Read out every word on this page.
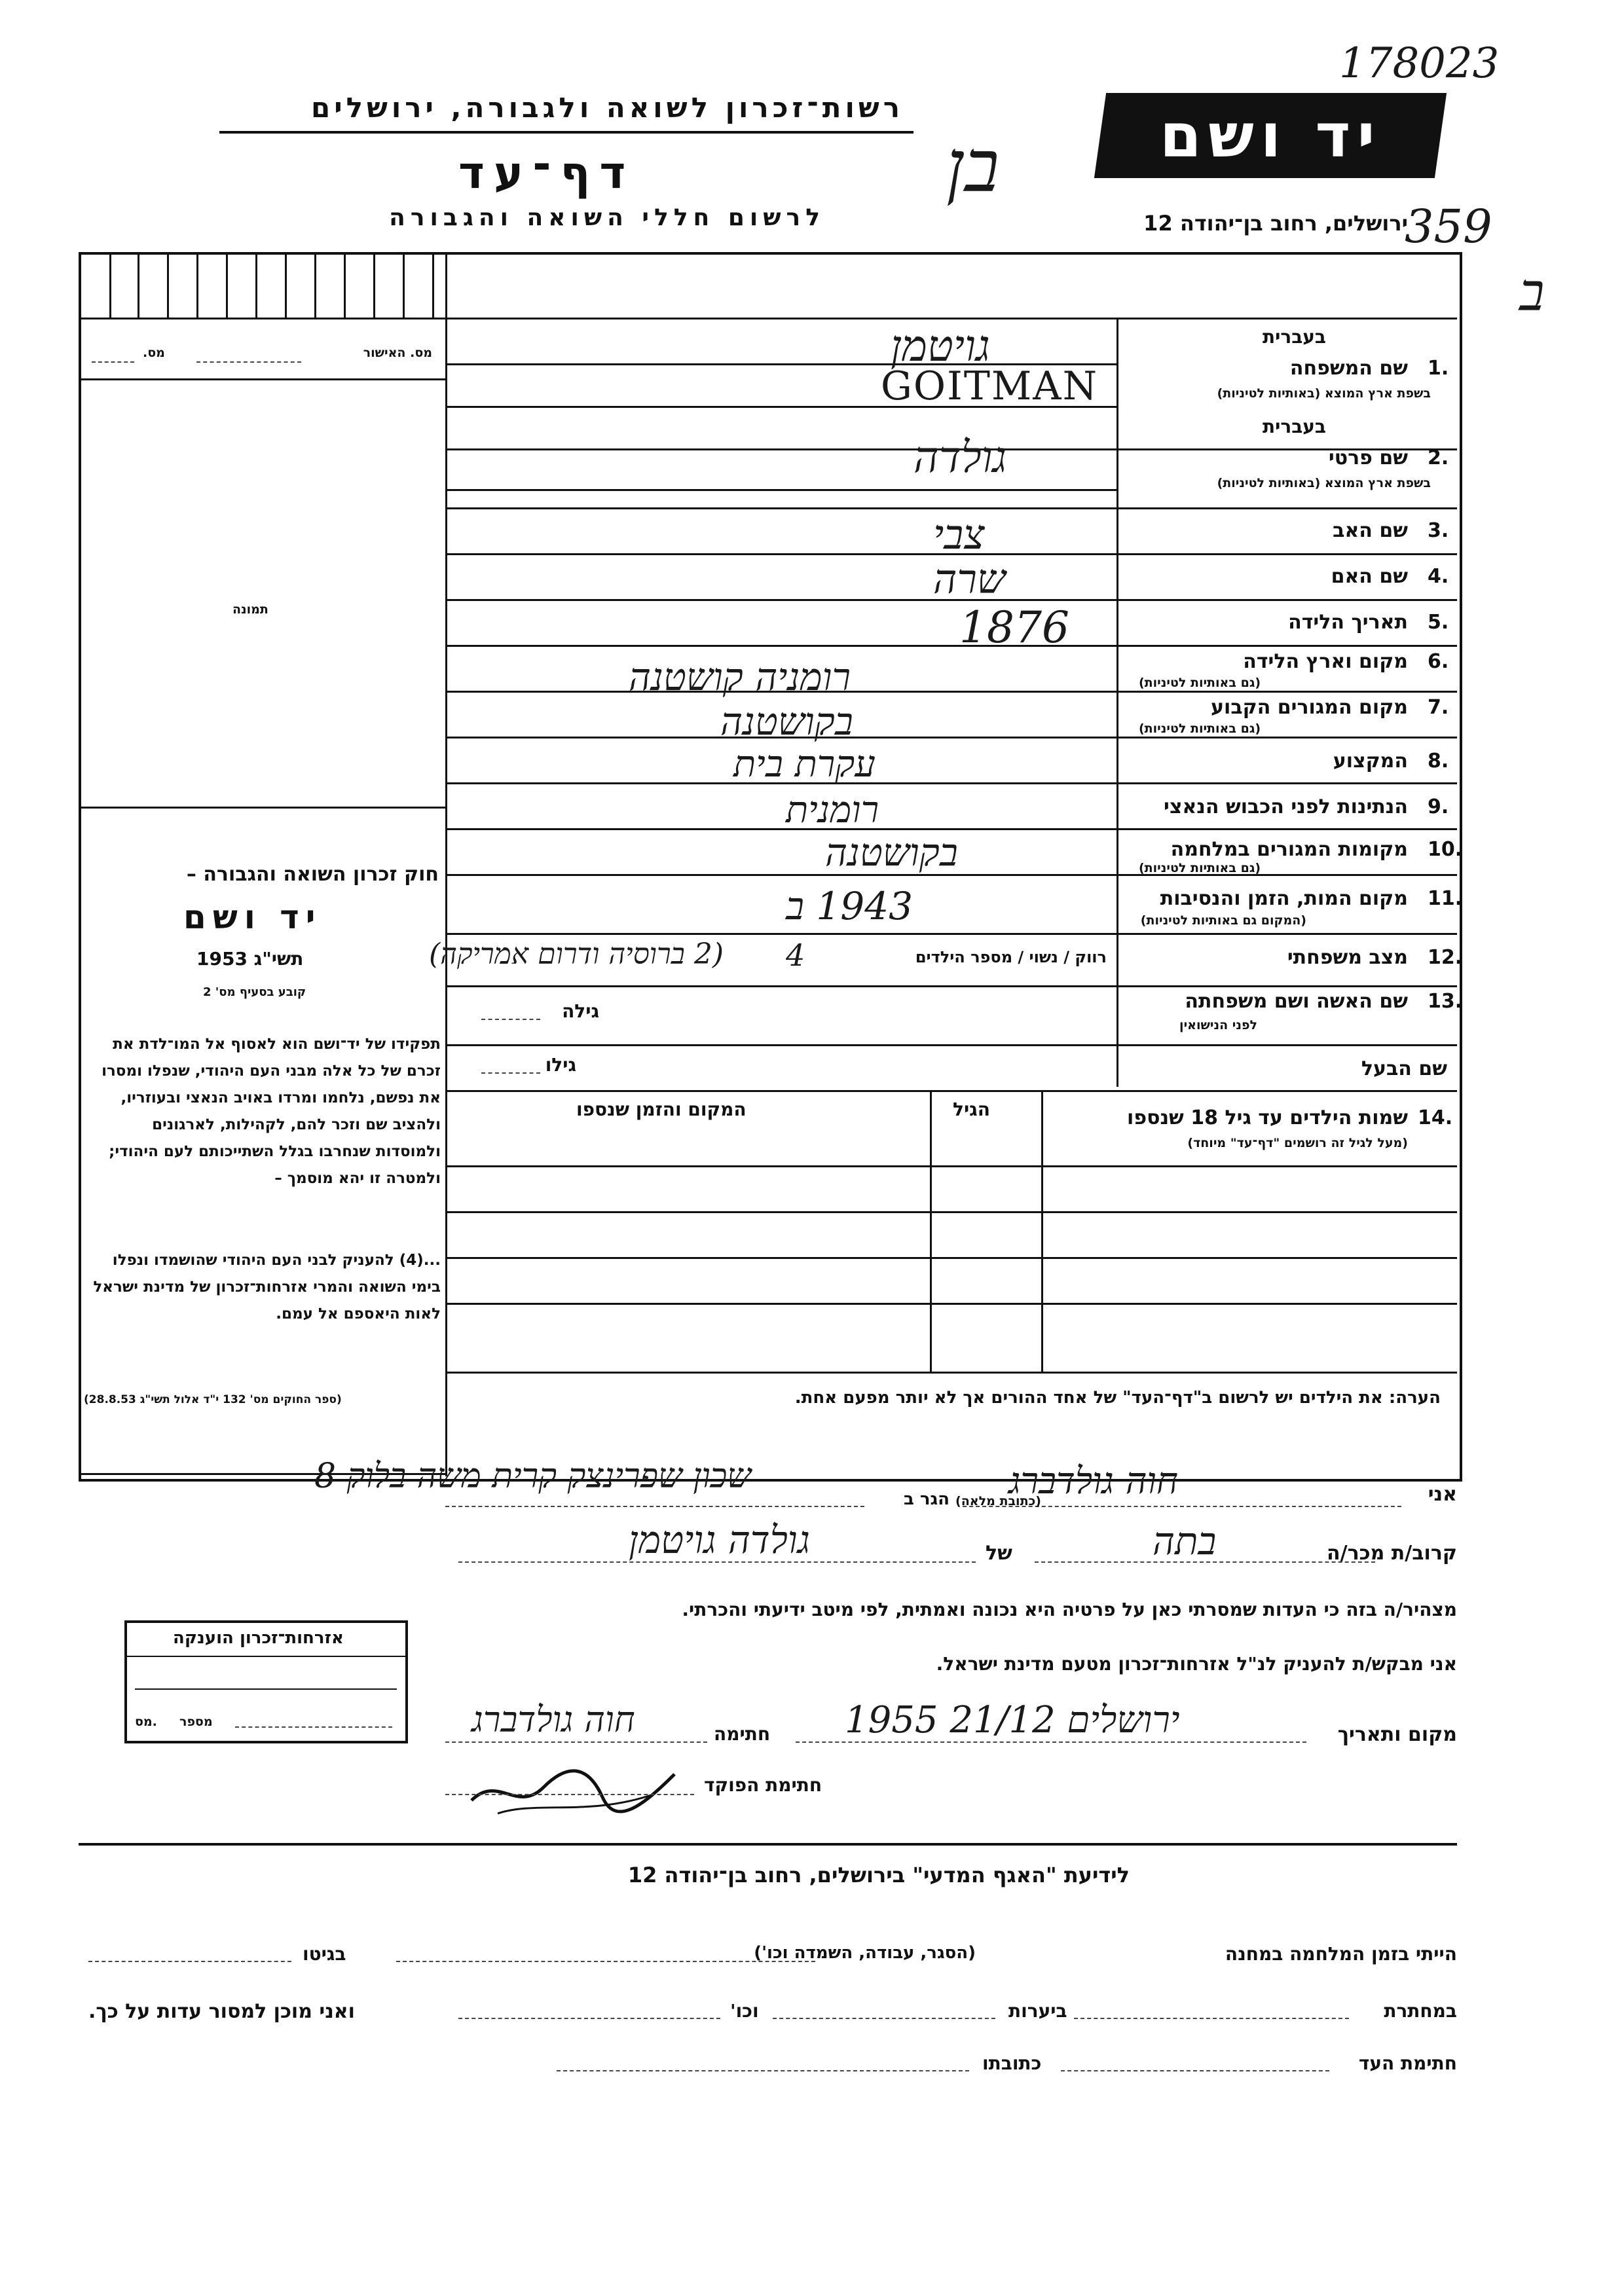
178023
בן
359
ב
רשות־זכרון לשואה ולגבורה, ירושלים
דף־עד
לרשום חללי השואה והגבורה
יד ושם
ירושלים, רחוב בן־יהודה 12
מס. האישור
מס.
תמונה
חוק זכרון השואה והגבורה –
יד ושם
תשי"ג 1953
קובע בסעיף מס' 2
תפקידו של יד־ושם הוא לאסוף אל המו־לדת את זכרם של כל אלה מבני העם היהודי, שנפלו ומסרו את נפשם, נלחמו ומרדו באויב הנאצי ובעוזריו, ולהציב שם וזכר להם, לקהילות, לארגונים ולמוסדות שנחרבו בגלל השתייכותם לעם היהודי; ולמטרה זו יהא מוסמך –
...(4) להעניק לבני העם היהודי שהושמדו ונפלו בימי השואה והמרי אזרחות־זכרון של מדינת ישראל לאות היאספם אל עמם.
(ספר החוקים מס' 132 י"ד אלול תשי"ג 28.8.53)
בעברית
שם המשפחה 1.
בשפת ארץ המוצא (באותיות לטיניות)
גויטמן
GOITMAN
בעברית
שם פרטי 2.
בשפת ארץ המוצא (באותיות לטיניות)
גולדה
שם האב 3.
צבי
שם האם 4.
שרה
תאריך הלידה 5.
1876
מקום וארץ הלידה 6.
(גם באותיות לטיניות)
רומניה קושטנה
מקום המגורים הקבוע 7.
(גם באותיות לטיניות)
בקושטנה
המקצוע 8.
עקרת בית
הנתינות לפני הכבוש הנאצי 9.
רומנית
מקומות המגורים במלחמה 10.
(גם באותיות לטיניות)
בקושטנה
מקום המות, הזמן והנסיבות 11.
(המקום גם באותיות לטיניות)
1943 ב
מצב משפחתי 12.
רווק / נשוי / מספר הילדים
4
(2 ברוסיה ודרום אמריקה)
שם האשה ושם משפחתה 13.
לפני הנישואין
גילה
שם הבעל
גילו
14.
שמות הילדים עד גיל 18 שנספו
(מעל לגיל זה רושמים "דף־עד" מיוחד)
הגיל
המקום והזמן שנספו
הערה: את הילדים יש לרשום ב"דף־העד" של אחד ההורים אך לא יותר מפעם אחת.
אני
חוה גולדברג
הגר ב (כתובת מלאה)
שכון שפרינצק קרית משה בלוק 8
קרוב/ת מכר/ה
בתה
של
גולדה גויטמן
מצהיר/ה בזה כי העדות שמסרתי כאן על פרטיה היא נכונה ואמתית, לפי מיטב ידיעתי והכרתי.
אני מבקש/ת להעניק לנ"ל אזרחות־זכרון מטעם מדינת ישראל.
אזרחות־זכרון הוענקה
מספר
מס.
מקום ותאריך
ירושלים 21/12 1955
חתימה
חוה גולדברג
חתימת הפוקד
לידיעת "האגף המדעי" בירושלים, רחוב בן־יהודה 12
הייתי בזמן המלחמה במחנה
(הסגר, עבודה, השמדה וכו')
בגיטו
במחתרת
ביערות
וכו'
ואני מוכן למסור עדות על כך.
חתימת העד
כתובתו
